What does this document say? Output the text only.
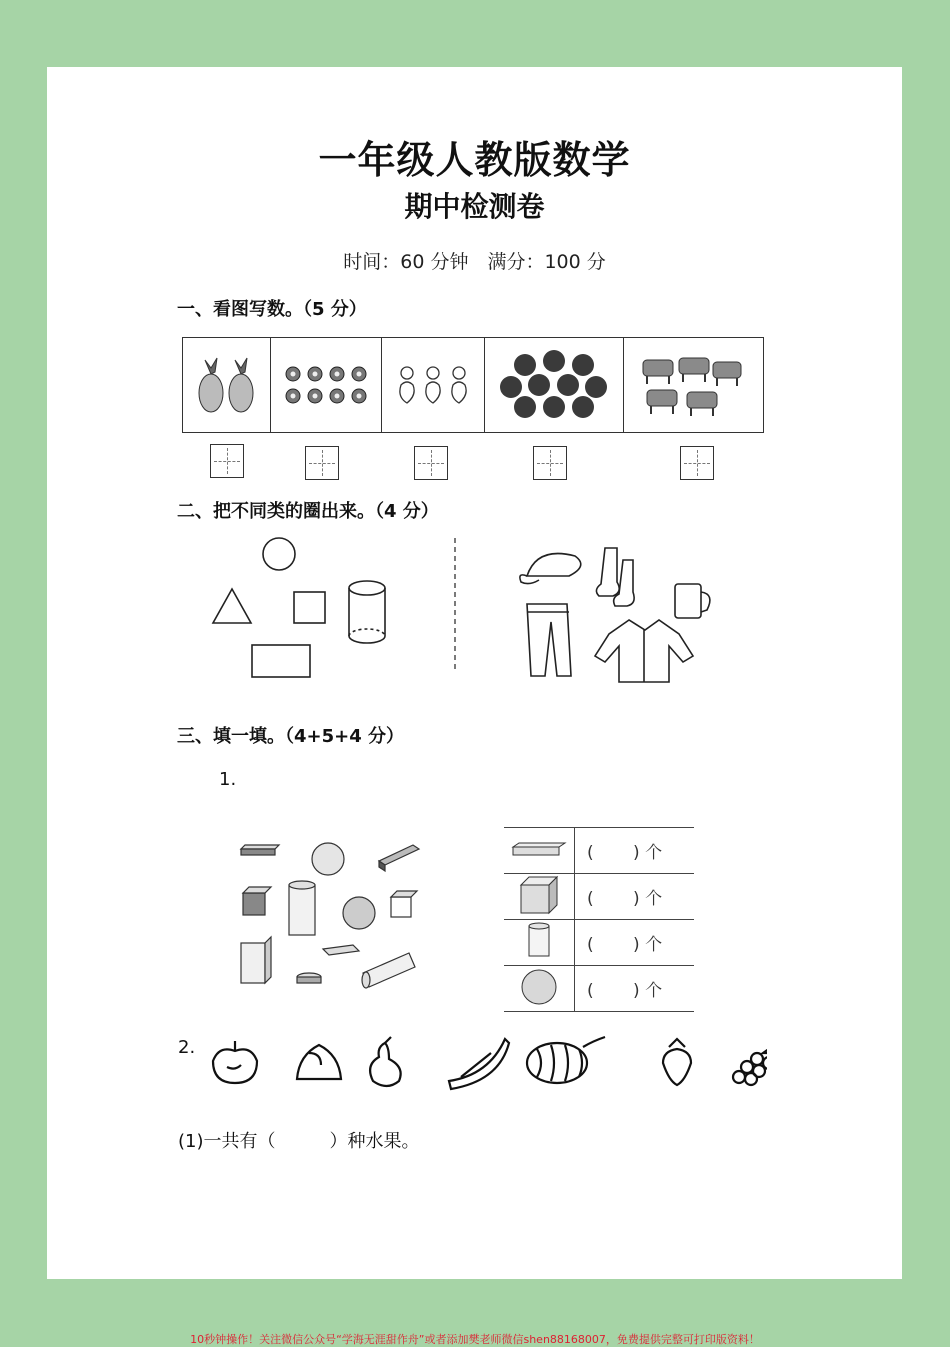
一年级人教版数学
期中检测卷
时间：60 分钟　满分：100 分
一、看图写数。（5 分）
二、把不同类的圈出来。（4 分）
三、填一填。（4+5+4 分）
1.
	(　　 ) 个
	(　　 ) 个
	(　　 ) 个
	(　　 ) 个
2.
(1)一共有（　　　）种水果。
10秒钟操作！关注微信公众号“学海无涯甜作舟”或者添加樊老师微信shen88168007，免费提供完整可打印版资料！
